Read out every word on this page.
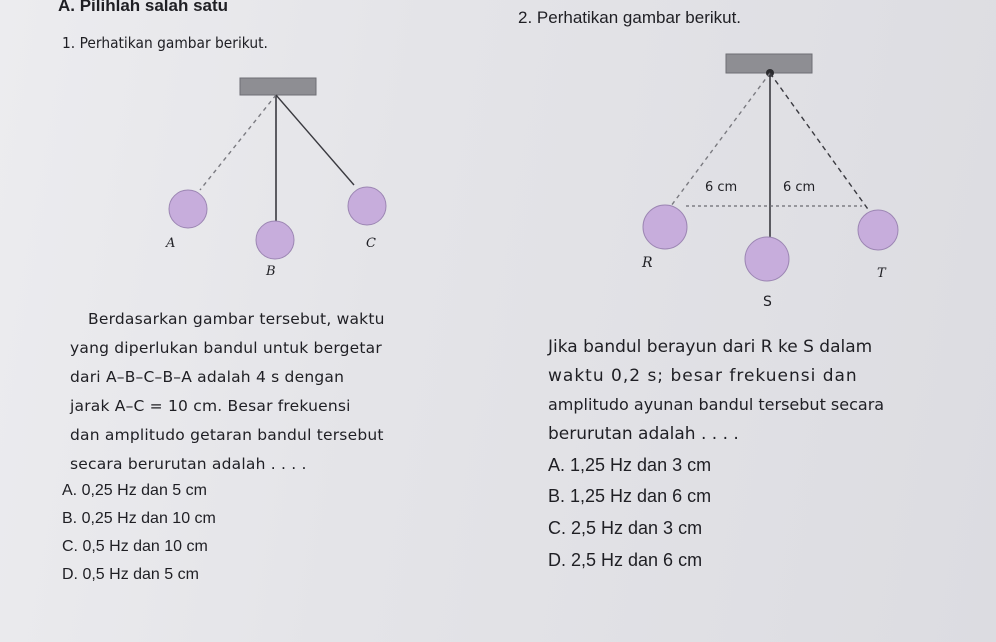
A. Pilihlah salah satu
1. Perhatikan gambar berikut.
A
B
C
6 cm	6 cm
R
S
T
Berdasarkan gambar tersebut, waktu
yang diperlukan bandul untuk bergetar
dari A–B–C–B–A adalah 4 s dengan
jarak A–C = 10 cm. Besar frekuensi
dan amplitudo getaran bandul tersebut
secara berurutan adalah . . . .
A. 0,25 Hz dan 5 cm
B. 0,25 Hz dan 10 cm
C. 0,5 Hz dan 10 cm
D. 0,5 Hz dan 5 cm
2. Perhatikan gambar berikut.
Jika bandul berayun dari R ke S dalam
waktu 0,2 s; besar frekuensi dan
amplitudo ayunan bandul tersebut secara
berurutan adalah . . . .
A. 1,25 Hz dan 3 cm
B. 1,25 Hz dan 6 cm
C. 2,5 Hz dan 3 cm
D. 2,5 Hz dan 6 cm
